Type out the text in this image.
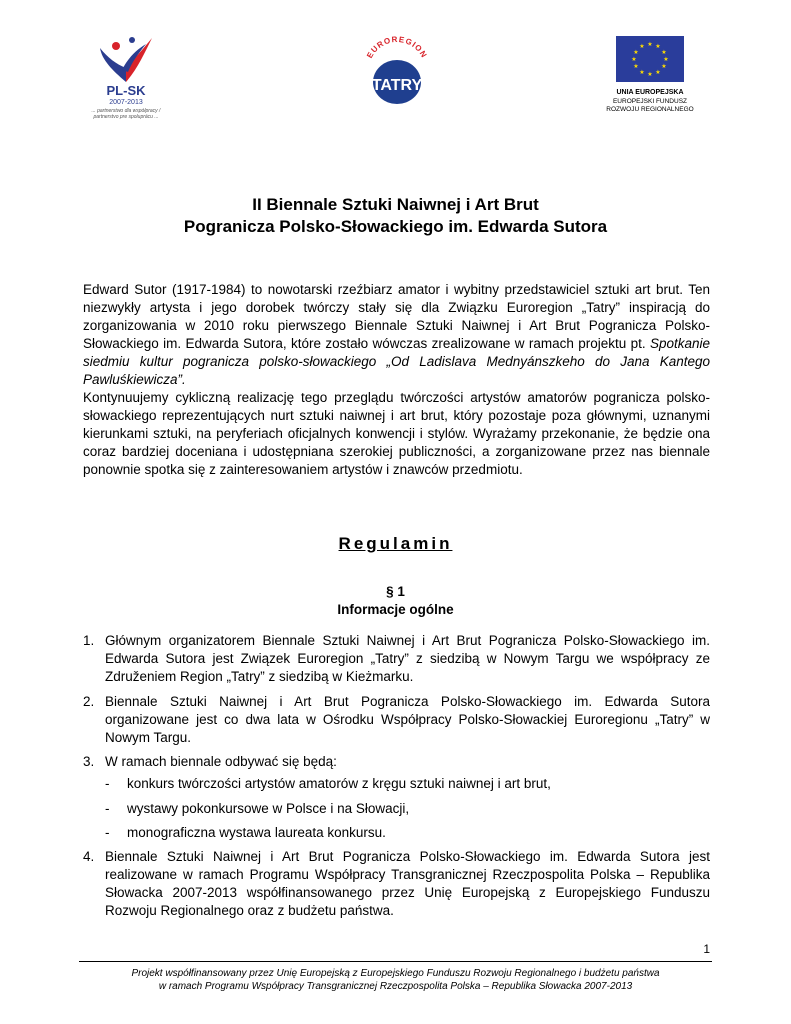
PL-SK
2007-2013
... partnerstwo dla współpracy / partnerstvo pre spoluprácu ...
EUROREGION
TATRY
★ ★
★
★
★
★
★
★
★
★
★
★
UNIA EUROPEJSKA
EUROPEJSKI FUNDUSZ
ROZWOJU REGIONALNEGO
II Biennale Sztuki Naiwnej i Art Brut
Pogranicza Polsko-Słowackiego im. Edwarda Sutora
Edward Sutor (1917-1984) to nowotarski rzeźbiarz amator i wybitny przedstawiciel sztuki art brut. Ten niezwykły artysta i jego dorobek twórczy stały się dla Związku Euroregion „Tatry” inspiracją do zorganizowania w 2010 roku pierwszego Biennale Sztuki Naiwnej i Art Brut Pogranicza Polsko-Słowackiego im. Edwarda Sutora, które zostało wówczas zrealizowane w ramach projektu pt. Spotkanie siedmiu kultur pogranicza polsko-słowackiego „Od Ladislava Mednyánszkeho do Jana Kantego Pawluśkiewicza”.
Kontynuujemy cykliczną realizację tego przeglądu twórczości artystów amatorów pogranicza polsko-słowackiego reprezentujących nurt sztuki naiwnej i art brut, który pozostaje poza głównymi, uznanymi kierunkami sztuki, na peryferiach oficjalnych konwencji i stylów. Wyrażamy przekonanie, że będzie ona coraz bardziej doceniana i udostępniana szerokiej publiczności, a zorganizowane przez nas biennale ponownie spotka się z zainteresowaniem artystów i znawców przedmiotu.
Regulamin
§ 1
Informacje ogólne
1. Głównym organizatorem Biennale Sztuki Naiwnej i Art Brut Pogranicza Polsko-Słowackiego im. Edwarda Sutora jest Związek Euroregion „Tatry” z siedzibą w Nowym Targu we współpracy ze Združeniem Region „Tatry” z siedzibą w Kieżmarku.
2. Biennale Sztuki Naiwnej i Art Brut Pogranicza Polsko-Słowackiego im. Edwarda Sutora organizowane jest co dwa lata w Ośrodku Współpracy Polsko-Słowackiej Euroregionu „Tatry” w Nowym Targu.
3. W ramach biennale odbywać się będą:
- konkurs twórczości artystów amatorów z kręgu sztuki naiwnej i art brut,
- wystawy pokonkursowe w Polsce i na Słowacji,
- monograficzna wystawa laureata konkursu.
4. Biennale Sztuki Naiwnej i Art Brut Pogranicza Polsko-Słowackiego im. Edwarda Sutora jest realizowane w ramach Programu Współpracy Transgranicznej Rzeczpospolita Polska – Republika Słowacka 2007-2013 współfinansowanego przez Unię Europejską z Europejskiego Funduszu Rozwoju Regionalnego oraz z budżetu państwa.
1
Projekt współfinansowany przez Unię Europejską z Europejskiego Funduszu Rozwoju Regionalnego i budżetu państwa
w ramach Programu Współpracy Transgranicznej Rzeczpospolita Polska – Republika Słowacka 2007-2013
